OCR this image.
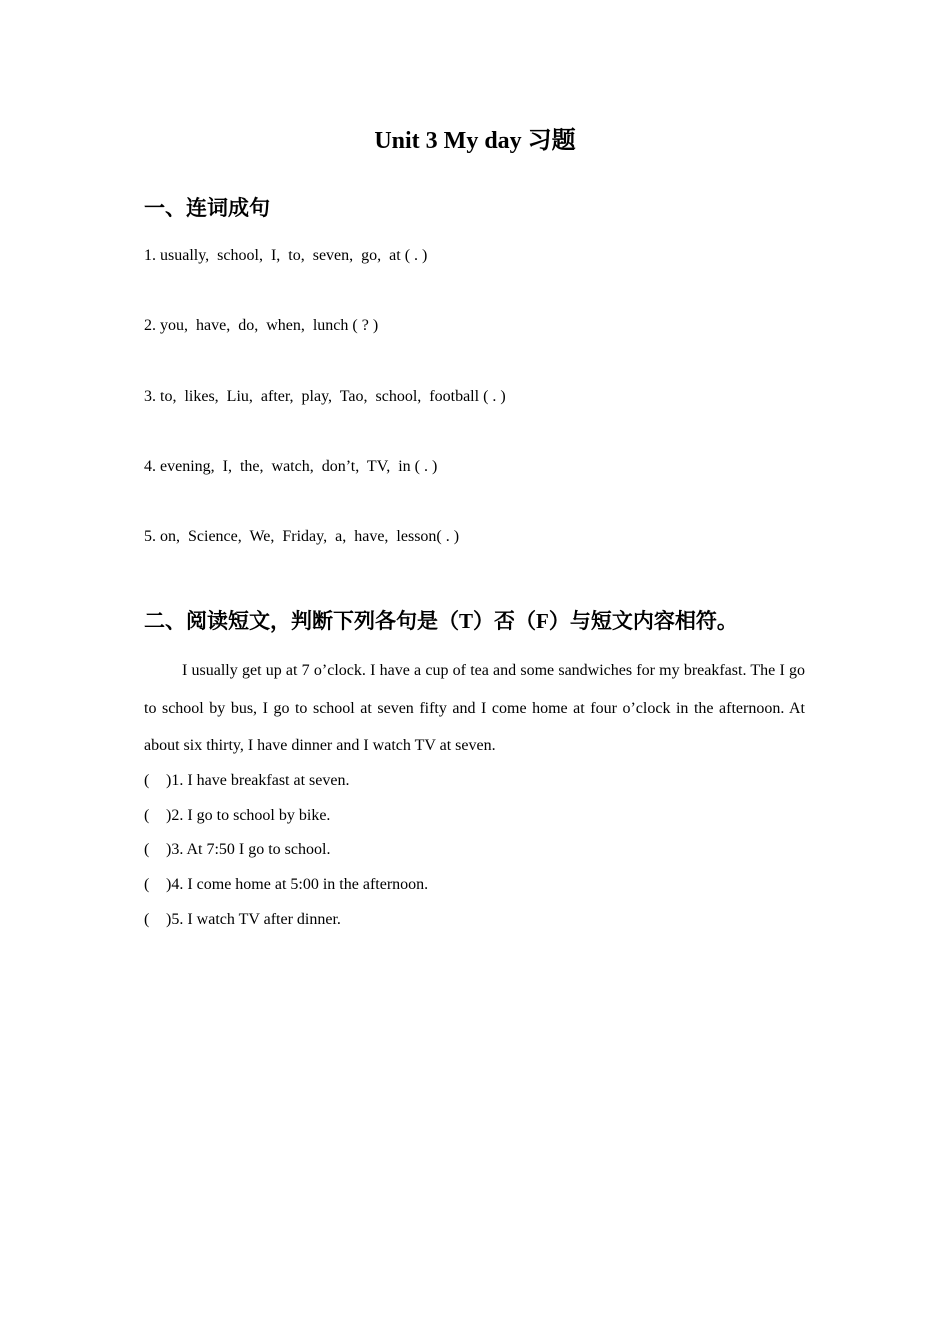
Unit 3 My day 习题
一、连词成句
1. usually,  school,  I,  to,  seven,  go,  at ( . )
2. you,  have,  do,  when,  lunch ( ? )
3. to,  likes,  Liu,  after,  play,  Tao,  school,  football ( . )
4. evening,  I,  the,  watch,  don’t,  TV,  in ( . )
5. on,  Science,  We,  Friday,  a,  have,  lesson( . )
二、阅读短文，判断下列各句是（T）否（F）与短文内容相符。

I usually get up at 7 o’clock. I have a cup of tea and some sandwiches for my breakfast. The I go to school by bus, I go to school at seven fifty and I come home at four o’clock in the afternoon. At about six thirty, I have dinner and I watch TV at seven.

( )1. I have breakfast at seven.
( )2. I go to school by bike.
( )3. At 7:50 I go to school.
( )4. I come home at 5:00 in the afternoon.
( )5. I watch TV after dinner.
